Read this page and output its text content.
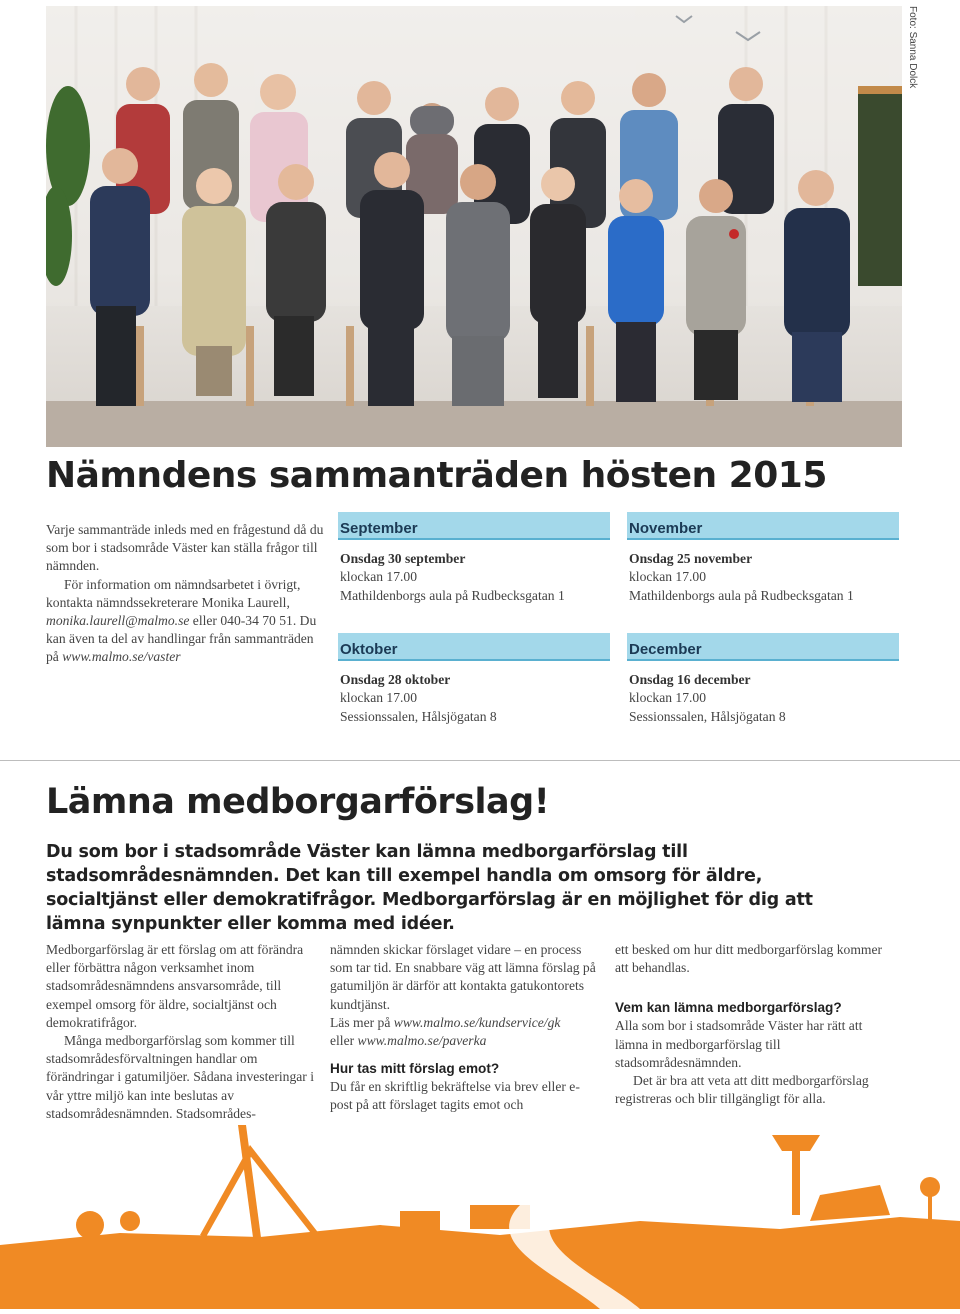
Foto: Sanna Dolck
Nämndens sammanträden hösten 2015

Varje sammanträde inleds med en frågestund då du som bor i stadsområde Väster kan ställa frågor till nämnden.

För information om nämndsarbetet i övrigt, kontakta nämndssekreterare Monika Laurell, monika.laurell@malmo.se eller 040-34 70 51. Du kan även ta del av handlingar från sammanträden på www.malmo.se/vaster

September
Onsdag 30 september
klockan 17.00
Mathildenborgs aula på Rudbecksgatan 1
Oktober
Onsdag 28 oktober
klockan 17.00
Sessionssalen, Hålsjögatan 8
November
Onsdag 25 november
klockan 17.00
Mathildenborgs aula på Rudbecksgatan 1
December
Onsdag 16 december
klockan 17.00
Sessionssalen, Hålsjögatan 8
Lämna medborgarförslag!

Du som bor i stadsområde Väster kan lämna medborgarförslag till stadsområdesnämnden. Det kan till exempel handla om omsorg för äldre, socialtjänst eller demokratifrågor. Medborgarförslag är en möjlighet för dig att lämna synpunkter eller komma med idéer.

Medborgarförslag är ett förslag om att förändra eller förbättra någon verksamhet inom stadsområdesnämndens ansvarsområde, till exempel omsorg för äldre, socialtjänst och demokratifrågor.

Många medborgarförslag som kommer till stadsområdesförvaltningen handlar om förändringar i gatumiljöer. Sådana investeringar i vår yttre miljö kan inte beslutas av stadsområdesnämnden. Stadsområdes-

nämnden skickar förslaget vidare – en process som tar tid. En snabbare väg att lämna förslag på gatumiljön är därför att kontakta gatukontorets kundtjänst.

Läs mer på www.malmo.se/kundservice/gk

eller www.malmo.se/paverka

Hur tas mitt förslag emot?

Du får en skriftlig bekräftelse via brev eller e-post på att förslaget tagits emot och

ett besked om hur ditt medborgarförslag kommer att behandlas.

Vem kan lämna medborgarförslag?

Alla som bor i stadsområde Väster har rätt att lämna in medborgarförslag till stadsområdesnämnden.

Det är bra att veta att ditt medborgarförslag registreras och blir tillgängligt för alla.
